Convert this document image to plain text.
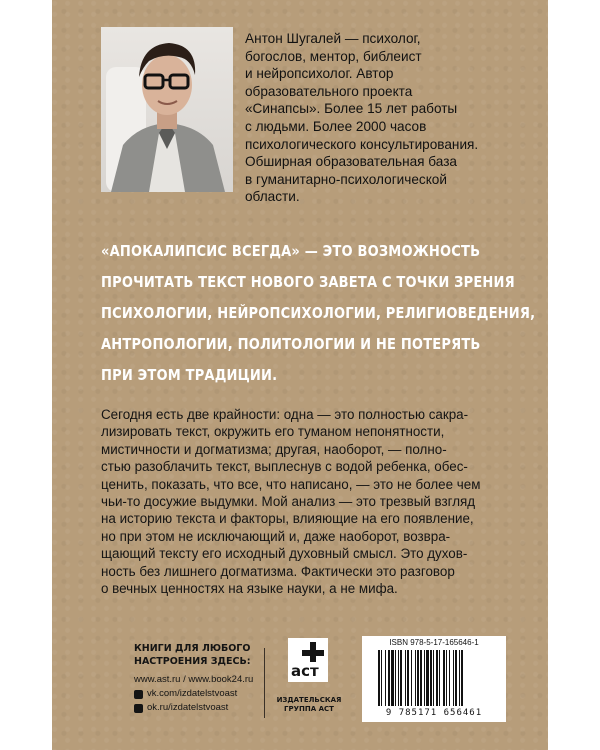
Антон Шугалей — психолог,
богослов, ментор, библеист
и нейропсихолог. Автор
образовательного проекта
«Синапсы». Более 15 лет работы
с людьми. Более 2000 часов
психологического консультирования.
Обширная образовательная база
в гуманитарно-психологической
области.
«АПОКАЛИПСИС ВСЕГДА» — ЭТО ВОЗМОЖНОСТЬ
ПРОЧИТАТЬ ТЕКСТ НОВОГО ЗАВЕТА С ТОЧКИ ЗРЕНИЯ
ПСИХОЛОГИИ, НЕЙРОПСИХОЛОГИИ, РЕЛИГИОВЕДЕНИЯ,
АНТРОПОЛОГИИ, ПОЛИТОЛОГИИ И НЕ ПОТЕРЯТЬ
ПРИ ЭТОМ ТРАДИЦИИ.
Сегодня есть две крайности: одна — это полностью сакра-
лизировать текст, окружить его туманом непонятности,
мистичности и догматизма; другая, наоборот, — полно-
стью разоблачить текст, выплеснув с водой ребенка, обес-
ценить, показать, что все, что написано, — это не более чем
чьи-то досужие выдумки. Мой анализ — это трезвый взгляд
на историю текста и факторы, влияющие на его появление,
но при этом не исключающий и, даже наоборот, возвра-
щающий тексту его исходный духовный смысл. Это духов-
ность без лишнего догматизма. Фактически это разговор
о вечных ценностях на языке науки, а не мифа.
КНИГИ ДЛЯ ЛЮБОГО
НАСТРОЕНИЯ ЗДЕСЬ:
www.ast.ru / www.book24.ru
vk.com/izdatelstvoast
ok.ru/izdatelstvoast
аст
ИЗДАТЕЛЬСКАЯ
ГРУППА АСТ
ISBN 978-5-17-165646-1
9 785171 656461
